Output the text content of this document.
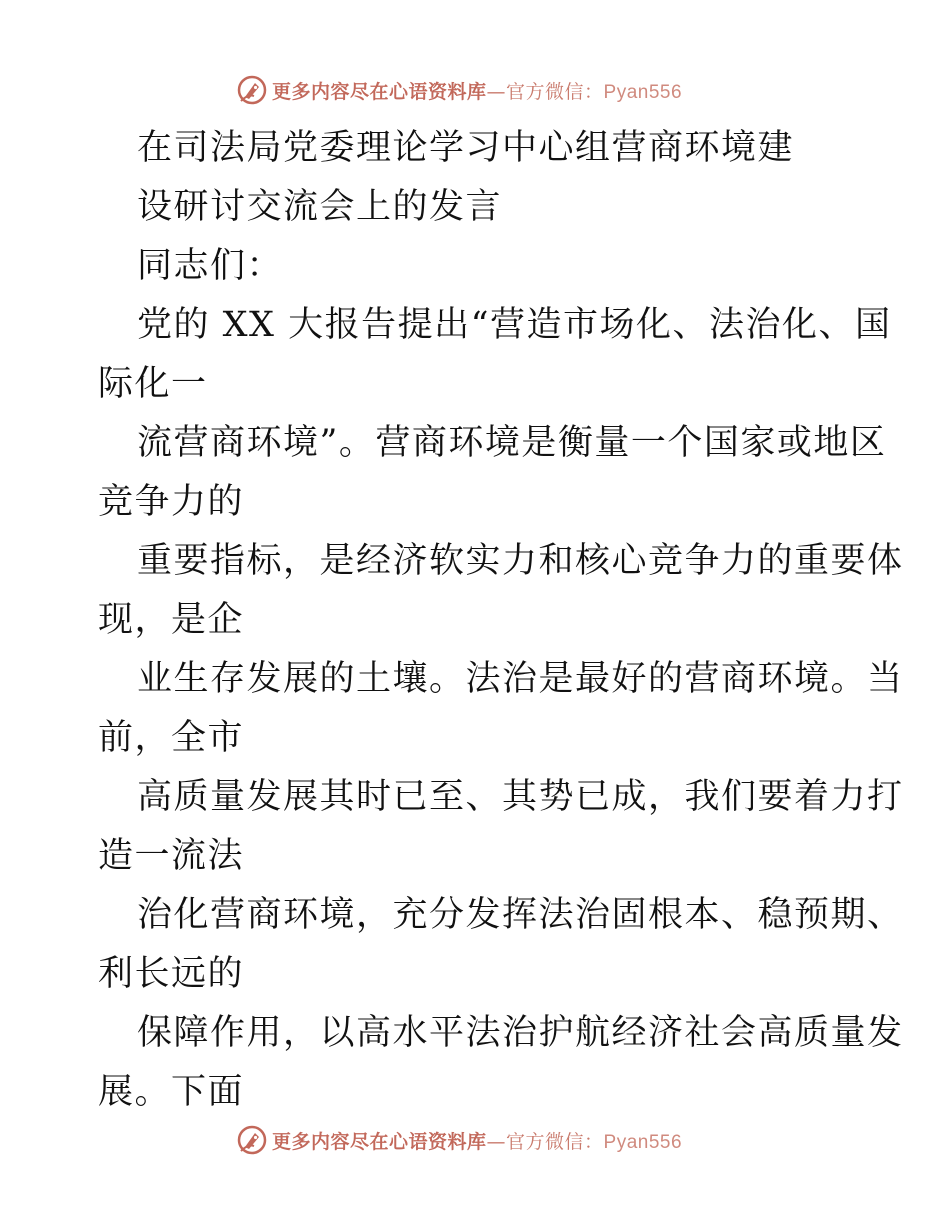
更多内容尽在心语资料库—官方微信：Pyan556
在司法局党委理论学习中心组营商环境建
设研讨交流会上的发言
同志们：
党的 XX 大报告提出“营造市场化、法治化、国
际化一
流营商环境”。营商环境是衡量一个国家或地区
竞争力的
重要指标，是经济软实力和核心竞争力的重要体
现，是企
业生存发展的土壤。法治是最好的营商环境。当
前，全市
高质量发展其时已至、其势已成，我们要着力打
造一流法
治化营商环境，充分发挥法治固根本、稳预期、
利长远的
保障作用，以高水平法治护航经济社会高质量发
展。下面
更多内容尽在心语资料库—官方微信：Pyan556
